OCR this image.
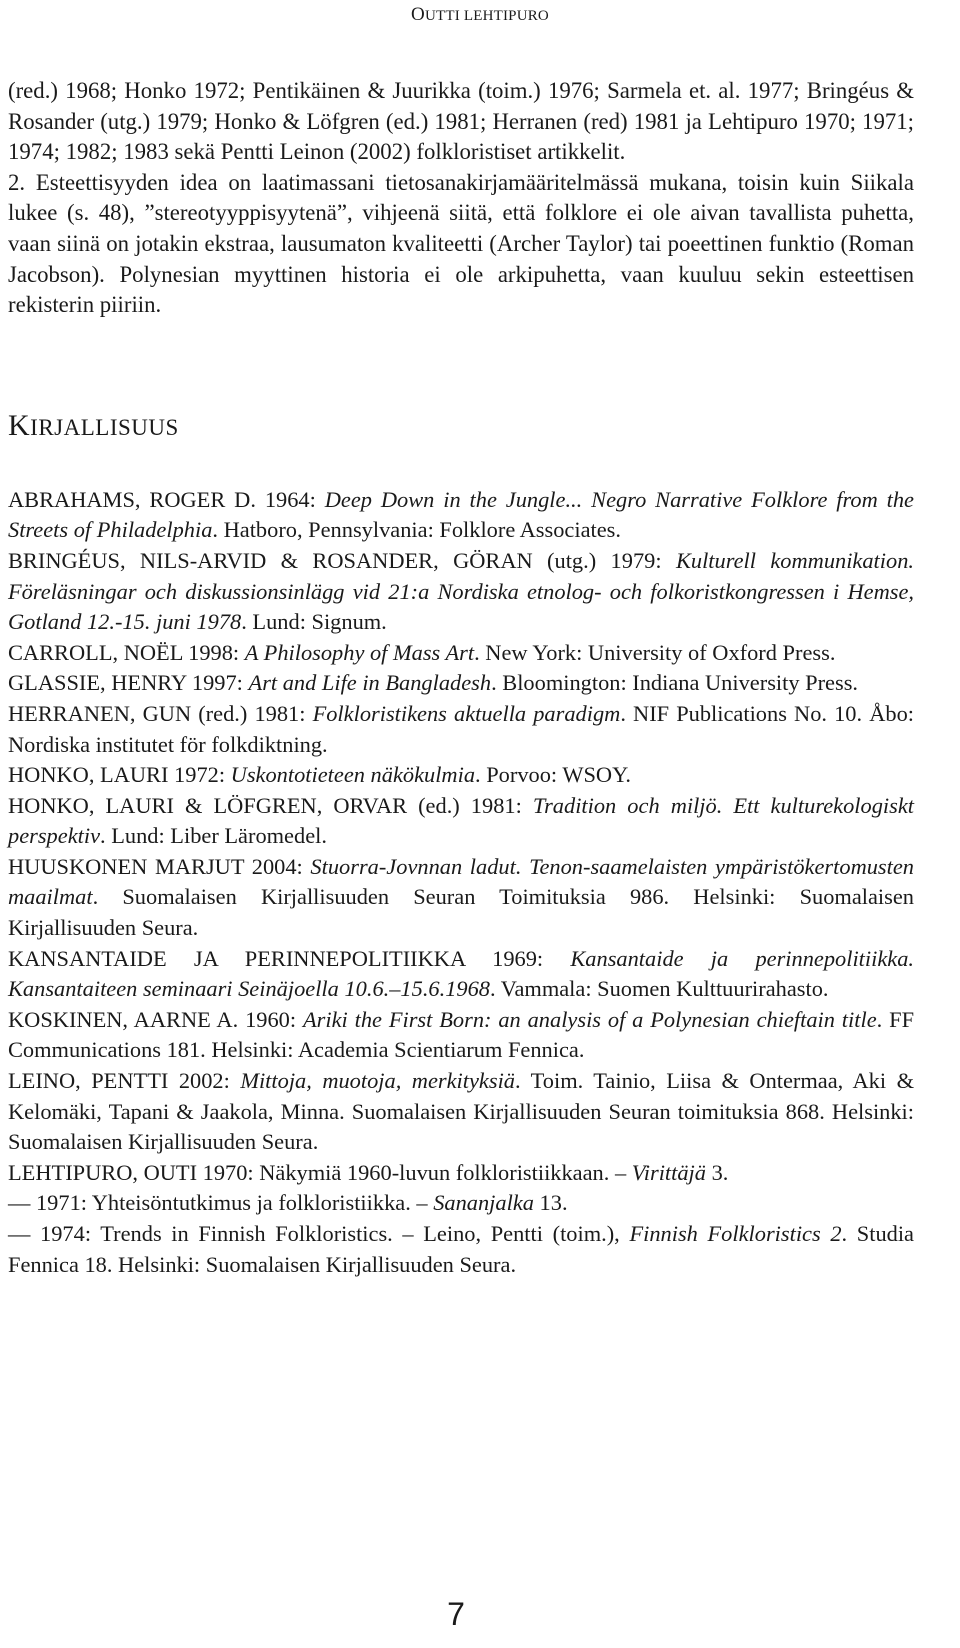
OUTTI LEHTIPURO

(red.) 1968; Honko 1972; Pentikäinen & Juurikka (toim.) 1976; Sarmela et. al. 1977; Bringéus & Rosander (utg.) 1979; Honko & Löfgren (ed.) 1981; Herranen (red) 1981 ja Lehtipuro 1970; 1971; 1974; 1982; 1983 sekä Pentti Leinon (2002) folkloristiset artikkelit.

2. Esteettisyyden idea on laatimassani tietosanakirjamääritelmässä mukana, toisin kuin Siikala lukee (s. 48), ”stereotyyppisyytenä”, vihjeenä siitä, että folklore ei ole aivan tavallista puhetta, vaan siinä on jotakin ekstraa, lausumaton kvaliteetti (Archer Taylor) tai poeettinen funktio (Roman Jacobson). Polynesian myyttinen historia ei ole arkipuhetta, vaan kuuluu sekin esteettisen rekisterin piiriin.

KIRJALLISUUS

ABRAHAMS, ROGER D. 1964: Deep Down in the Jungle... Negro Narrative Folklore from the Streets of Philadelphia. Hatboro, Pennsylvania: Folklore Associates.

BRINGÉUS, NILS-ARVID & ROSANDER, GÖRAN (utg.) 1979: Kulturell kommunikation. Föreläsningar och diskussionsinlägg vid 21:a Nordiska etnolog- och folkoristkongressen i Hemse, Gotland 12.-15. juni 1978. Lund: Signum.

CARROLL, NOËL 1998: A Philosophy of Mass Art. New York: University of Oxford Press.

GLASSIE, HENRY 1997: Art and Life in Bangladesh. Bloomington: Indiana University Press.

HERRANEN, GUN (red.) 1981: Folkloristikens aktuella paradigm. NIF Publications No. 10. Åbo: Nordiska institutet för folkdiktning.

HONKO, LAURI 1972: Uskontotieteen näkökulmia. Porvoo: WSOY.

HONKO, LAURI & LÖFGREN, ORVAR (ed.) 1981: Tradition och miljö. Ett kulturekologiskt perspektiv. Lund: Liber Läromedel.

HUUSKONEN MARJUT 2004: Stuorra-Jovnnan ladut. Tenon-saamelaisten ympäristökertomusten maailmat. Suomalaisen Kirjallisuuden Seuran Toimituksia 986. Helsinki: Suomalaisen Kirjallisuuden Seura.

KANSANTAIDE JA PERINNEPOLITIIKKA 1969: Kansantaide ja perinnepolitiikka. Kansantaiteen seminaari Seinäjoella 10.6.–15.6.1968. Vammala: Suomen Kulttuurirahasto.

KOSKINEN, AARNE A. 1960: Ariki the First Born: an analysis of a Polynesian chieftain title. FF Communications 181. Helsinki: Academia Scientiarum Fennica.

LEINO, PENTTI 2002: Mittoja, muotoja, merkityksiä. Toim. Tainio, Liisa & Ontermaa, Aki & Kelomäki, Tapani & Jaakola, Minna. Suomalaisen Kirjallisuuden Seuran toimituksia 868. Helsinki: Suomalaisen Kirjallisuuden Seura.

LEHTIPURO, OUTI 1970: Näkymiä 1960-luvun folkloristiikkaan. – Virittäjä 3.

— 1971: Yhteisöntutkimus ja folkloristiikka. – Sananjalka 13.

— 1974: Trends in Finnish Folkloristics. – Leino, Pentti (toim.), Finnish Folkloristics 2. Studia Fennica 18. Helsinki: Suomalaisen Kirjallisuuden Seura.

7
